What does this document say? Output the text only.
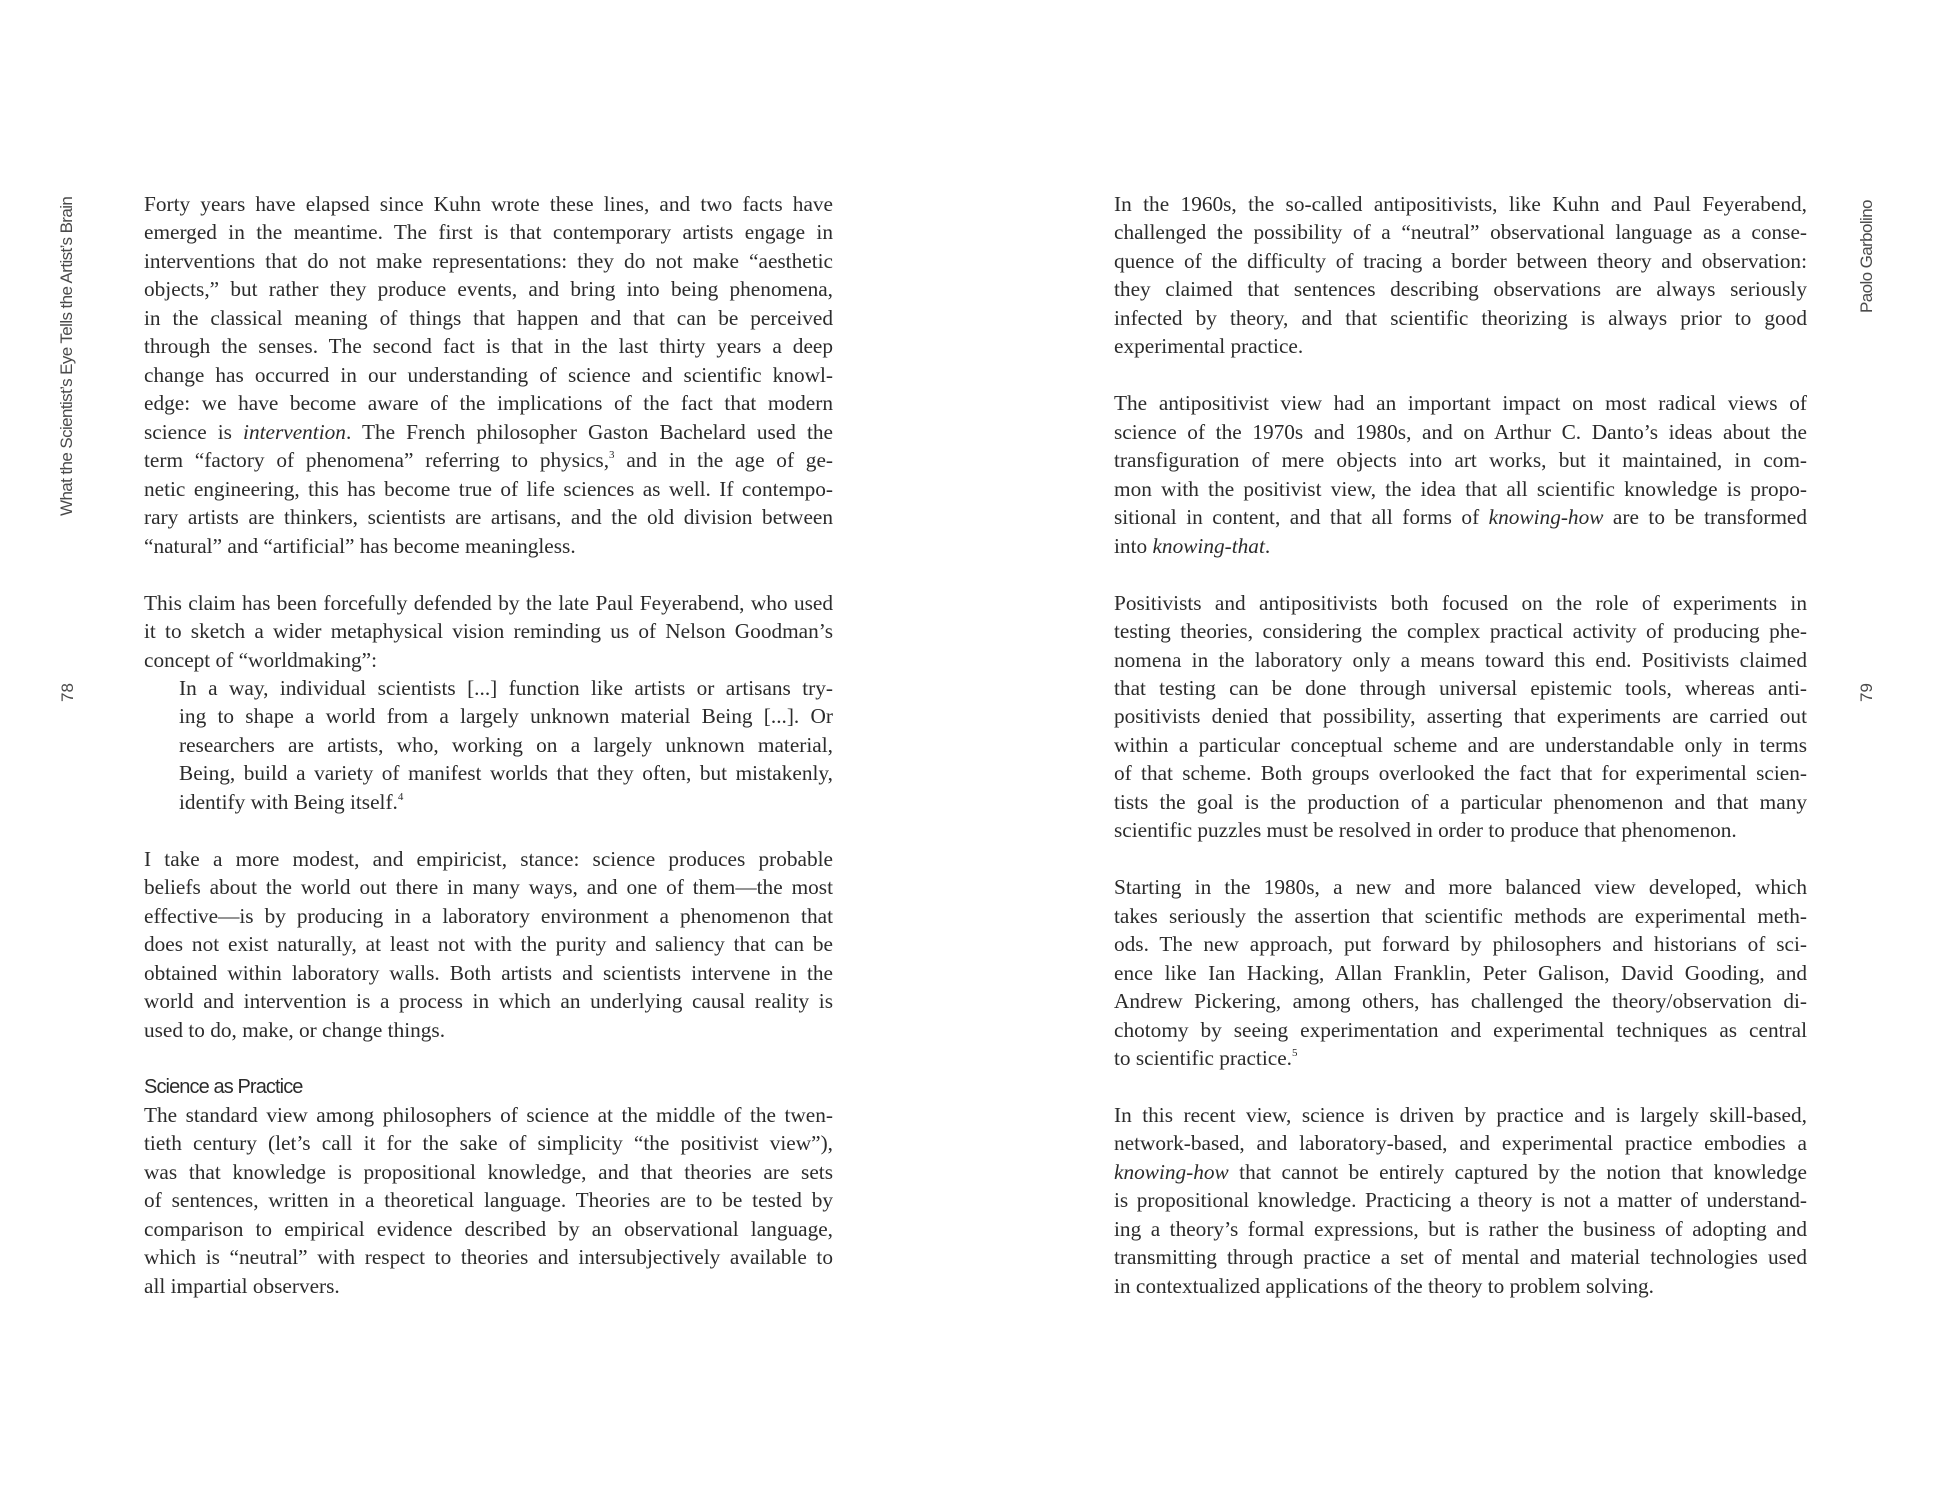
What the Scientist’s Eye Tells the Artist’s Brain
78
Forty years have elapsed since Kuhn wrote these lines, and two facts have
emerged in the meantime. The first is that contemporary artists engage in
interventions that do not make representations: they do not make “aesthetic
objects,” but rather they produce events, and bring into being phenomena,
in the classical meaning of things that happen and that can be perceived
through the senses. The second fact is that in the last thirty years a deep
change has occurred in our understanding of science and scientific knowl-
edge: we have become aware of the implications of the fact that modern
science is intervention. The French philosopher Gaston Bachelard used the
term “factory of phenomena” referring to physics,$^3$ and in the age of ge-
netic engineering, this has become true of life sciences as well. If contempo-
rary artists are thinkers, scientists are artisans, and the old division between
“natural” and “artificial” has become meaningless.
This claim has been forcefully defended by the late Paul Feyerabend, who used
it to sketch a wider metaphysical vision reminding us of Nelson Goodman’s
concept of “worldmaking”:
In a way, individual scientists [...] function like artists or artisans try-
ing to shape a world from a largely unknown material Being [...]. Or
researchers are artists, who, working on a largely unknown material,
Being, build a variety of manifest worlds that they often, but mistakenly,
identify with Being itself.$^4$
I take a more modest, and empiricist, stance: science produces probable
beliefs about the world out there in many ways, and one of them—the most
effective—is by producing in a laboratory environment a phenomenon that
does not exist naturally, at least not with the purity and saliency that can be
obtained within laboratory walls. Both artists and scientists intervene in the
world and intervention is a process in which an underlying causal reality is
used to do, make, or change things.
Science as Practice
The standard view among philosophers of science at the middle of the twen-
tieth century (let’s call it for the sake of simplicity “the positivist view”),
was that knowledge is propositional knowledge, and that theories are sets
of sentences, written in a theoretical language. Theories are to be tested by
comparison to empirical evidence described by an observational language,
which is “neutral” with respect to theories and intersubjectively available to
all impartial observers.
Paolo Garbolino
79
In the 1960s, the so-called antipositivists, like Kuhn and Paul Feyerabend,
challenged the possibility of a “neutral” observational language as a conse-
quence of the difficulty of tracing a border between theory and observation:
they claimed that sentences describing observations are always seriously
infected by theory, and that scientific theorizing is always prior to good
experimental practice.
The antipositivist view had an important impact on most radical views of
science of the 1970s and 1980s, and on Arthur C. Danto’s ideas about the
transfiguration of mere objects into art works, but it maintained, in com-
mon with the positivist view, the idea that all scientific knowledge is propo-
sitional in content, and that all forms of knowing-how are to be transformed
into knowing-that.
Positivists and antipositivists both focused on the role of experiments in
testing theories, considering the complex practical activity of producing phe-
nomena in the laboratory only a means toward this end. Positivists claimed
that testing can be done through universal epistemic tools, whereas anti-
positivists denied that possibility, asserting that experiments are carried out
within a particular conceptual scheme and are understandable only in terms
of that scheme. Both groups overlooked the fact that for experimental scien-
tists the goal is the production of a particular phenomenon and that many
scientific puzzles must be resolved in order to produce that phenomenon.
Starting in the 1980s, a new and more balanced view developed, which
takes seriously the assertion that scientific methods are experimental meth-
ods. The new approach, put forward by philosophers and historians of sci-
ence like Ian Hacking, Allan Franklin, Peter Galison, David Gooding, and
Andrew Pickering, among others, has challenged the theory/observation di-
chotomy by seeing experimentation and experimental techniques as central
to scientific practice.$^5$
In this recent view, science is driven by practice and is largely skill-based,
network-based, and laboratory-based, and experimental practice embodies a
knowing-how that cannot be entirely captured by the notion that knowledge
is propositional knowledge. Practicing a theory is not a matter of understand-
ing a theory’s formal expressions, but is rather the business of adopting and
transmitting through practice a set of mental and material technologies used
in contextualized applications of the theory to problem solving.
